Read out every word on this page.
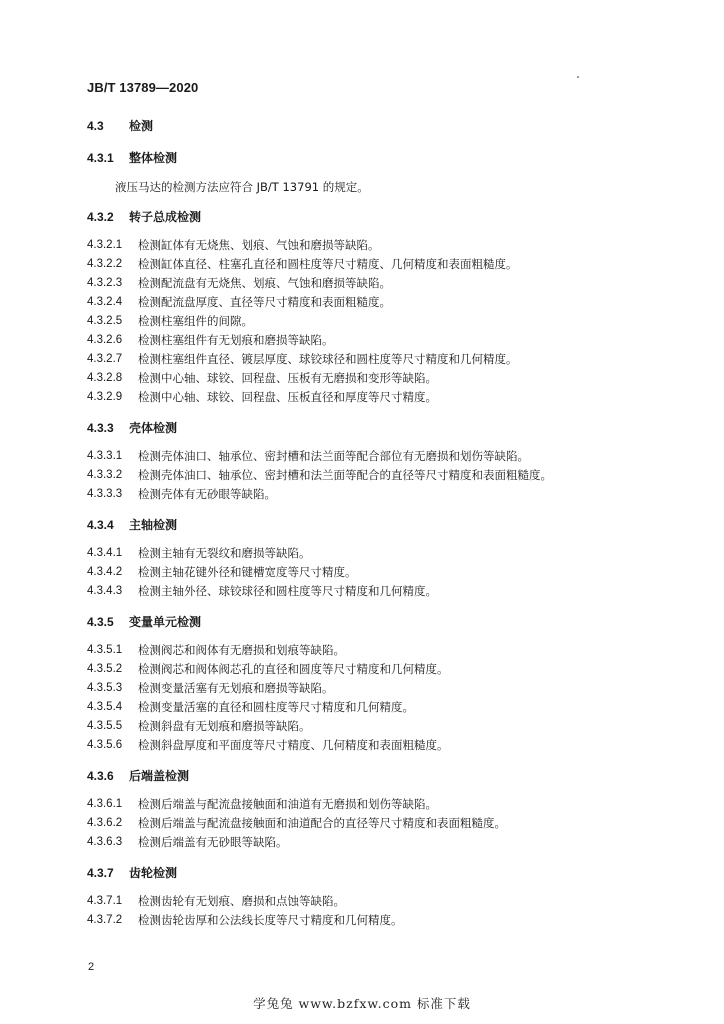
JB/T 13789—2020
4.3	检测
4.3.1	整体检测
液压马达的检测方法应符合 JB/T 13791 的规定。
4.3.2	转子总成检测
4.3.2.1	检测缸体有无烧焦、划痕、气蚀和磨损等缺陷。
4.3.2.2	检测缸体直径、柱塞孔直径和圆柱度等尺寸精度、几何精度和表面粗糙度。
4.3.2.3	检测配流盘有无烧焦、划痕、气蚀和磨损等缺陷。
4.3.2.4	检测配流盘厚度、直径等尺寸精度和表面粗糙度。
4.3.2.5	检测柱塞组件的间隙。
4.3.2.6	检测柱塞组件有无划痕和磨损等缺陷。
4.3.2.7	检测柱塞组件直径、镀层厚度、球铰球径和圆柱度等尺寸精度和几何精度。
4.3.2.8	检测中心轴、球铰、回程盘、压板有无磨损和变形等缺陷。
4.3.2.9	检测中心轴、球铰、回程盘、压板直径和厚度等尺寸精度。
4.3.3	壳体检测
4.3.3.1	检测壳体油口、轴承位、密封槽和法兰面等配合部位有无磨损和划伤等缺陷。
4.3.3.2	检测壳体油口、轴承位、密封槽和法兰面等配合的直径等尺寸精度和表面粗糙度。
4.3.3.3	检测壳体有无砂眼等缺陷。
4.3.4	主轴检测
4.3.4.1	检测主轴有无裂纹和磨损等缺陷。
4.3.4.2	检测主轴花键外径和键槽宽度等尺寸精度。
4.3.4.3	检测主轴外径、球铰球径和圆柱度等尺寸精度和几何精度。
4.3.5	变量单元检测
4.3.5.1	检测阀芯和阀体有无磨损和划痕等缺陷。
4.3.5.2	检测阀芯和阀体阀芯孔的直径和圆度等尺寸精度和几何精度。
4.3.5.3	检测变量活塞有无划痕和磨损等缺陷。
4.3.5.4	检测变量活塞的直径和圆柱度等尺寸精度和几何精度。
4.3.5.5	检测斜盘有无划痕和磨损等缺陷。
4.3.5.6	检测斜盘厚度和平面度等尺寸精度、几何精度和表面粗糙度。
4.3.6	后端盖检测
4.3.6.1	检测后端盖与配流盘接触面和油道有无磨损和划伤等缺陷。
4.3.6.2	检测后端盖与配流盘接触面和油道配合的直径等尺寸精度和表面粗糙度。
4.3.6.3	检测后端盖有无砂眼等缺陷。
4.3.7	齿轮检测
4.3.7.1	检测齿轮有无划痕、磨损和点蚀等缺陷。
4.3.7.2	检测齿轮齿厚和公法线长度等尺寸精度和几何精度。
2
学兔兔 www.bzfxw.com 标准下载
